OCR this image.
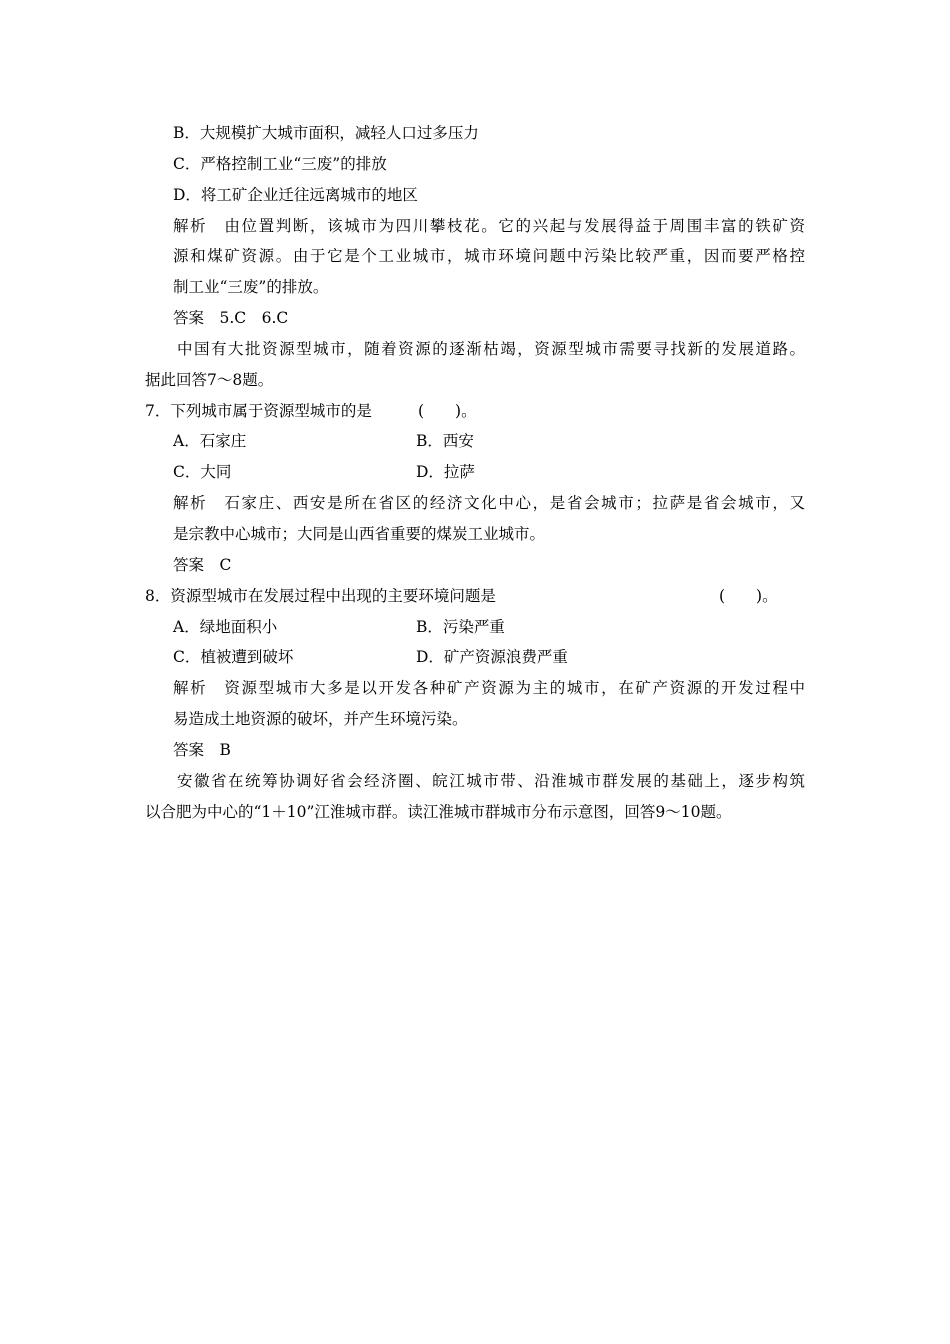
B．大规模扩大城市面积，减轻人口过多压力
C．严格控制工业“三废”的排放
D．将工矿企业迁往远离城市的地区
解析　由位置判断，该城市为四川攀枝花。它的兴起与发展得益于周围丰富的铁矿资
源和煤矿资源。由于它是个工业城市，城市环境问题中污染比较严重，因而要严格控
制工业“三废”的排放。
答案　5.C　6.C
中国有大批资源型城市，随着资源的逐渐枯竭，资源型城市需要寻找新的发展道路。
据此回答7～8题。
7．下列城市属于资源型城市的是	(　　)。
A．石家庄	B．西安
C．大同	D．拉萨
解析　石家庄、西安是所在省区的经济文化中心，是省会城市；拉萨是省会城市，又
是宗教中心城市；大同是山西省重要的煤炭工业城市。
答案　C
8．资源型城市在发展过程中出现的主要环境问题是	(　　)。
A．绿地面积小	B．污染严重
C．植被遭到破坏	D．矿产资源浪费严重
解析　资源型城市大多是以开发各种矿产资源为主的城市，在矿产资源的开发过程中
易造成土地资源的破坏，并产生环境污染。
答案　B
安徽省在统筹协调好省会经济圈、皖江城市带、沿淮城市群发展的基础上，逐步构筑
以合肥为中心的“1＋10”江淮城市群。读江淮城市群城市分布示意图，回答9～10题。
